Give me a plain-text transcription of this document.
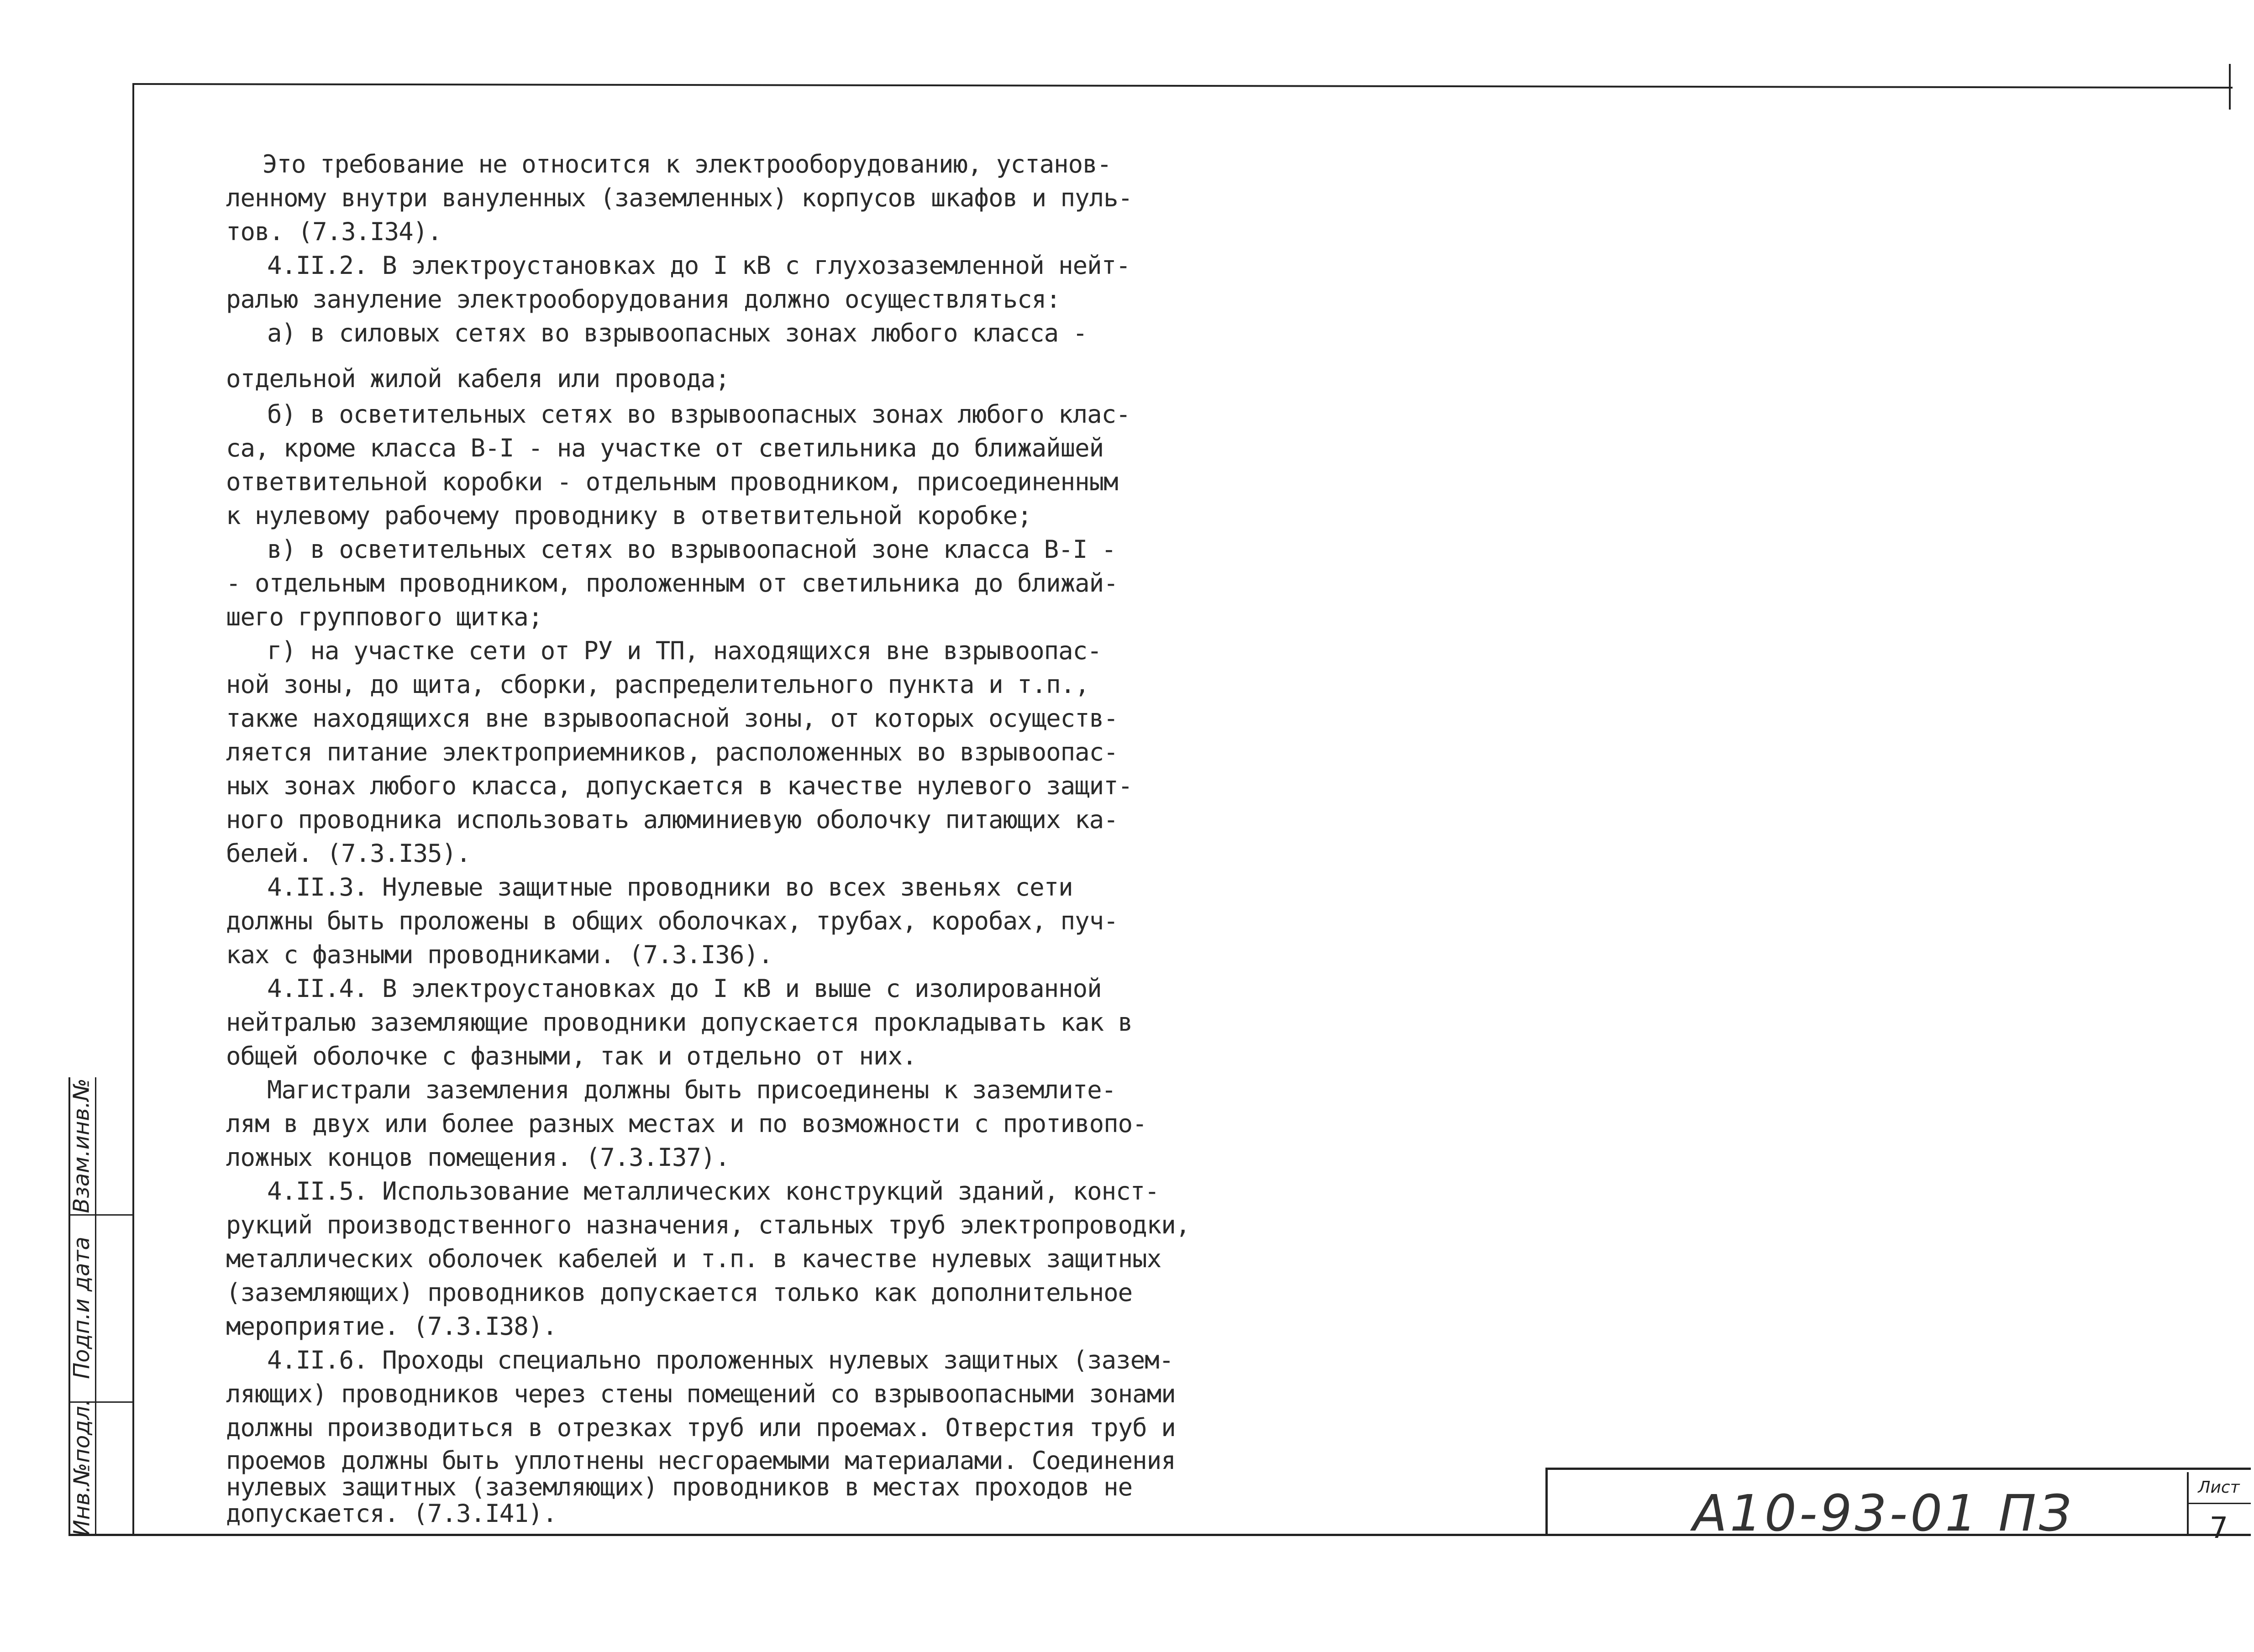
Это требование не относится к электрооборудованию, установ-
ленному внутри вануленных (заземленных) корпусов шкафов и пуль-
тов. (7.3.I34).
4.II.2. В электроустановках до I кВ с глухозаземленной нейт-
ралью зануление электрооборудования должно осуществляться:
а) в силовых сетях во взрывоопасных зонах любого класса -
отдельной жилой кабеля или провода;
б) в осветительных сетях во взрывоопасных зонах любого клас-
са, кроме класса В-I - на участке от светильника до ближайшей
ответвительной коробки - отдельным проводником, присоединенным
к нулевому рабочему проводнику в ответвительной коробке;
в) в осветительных сетях во взрывоопасной зоне класса В-I -
- отдельным проводником, проложенным от светильника до ближай-
шего группового щитка;
г) на участке сети от РУ и ТП, находящихся вне взрывоопас-
ной зоны, до щита, сборки, распределительного пункта и т.п.,
также находящихся вне взрывоопасной зоны, от которых осуществ-
ляется питание электроприемников, расположенных во взрывоопас-
ных зонах любого класса, допускается в качестве нулевого защит-
ного проводника использовать алюминиевую оболочку питающих ка-
белей. (7.3.I35).
4.II.3. Нулевые защитные проводники во всех звеньях сети
должны быть проложены в общих оболочках, трубах, коробах, пуч-
ках с фазными проводниками. (7.3.I36).
4.II.4. В электроустановках до I кВ и выше с изолированной
нейтралью заземляющие проводники допускается прокладывать как в
общей оболочке с фазными, так и отдельно от них.
Магистрали заземления должны быть присоединены к заземлите-
лям в двух или более разных местах и по возможности с противопо-
ложных концов помещения. (7.3.I37).
4.II.5. Использование металлических конструкций зданий, конст-
рукций производственного назначения, стальных труб электропроводки,
металлических оболочек кабелей и т.п. в качестве нулевых защитных
(заземляющих) проводников допускается только как дополнительное
мероприятие. (7.3.I38).
4.II.6. Проходы специально проложенных нулевых защитных (зазем-
ляющих) проводников через стены помещений со взрывоопасными зонами
должны производиться в отрезках труб или проемах. Отверстия труб и
проемов должны быть уплотнены несгораемыми материалами. Соединения
нулевых защитных (заземляющих) проводников в местах проходов не
допускается. (7.3.I41).
Взам.инв.№
Подп.и дата
Инв.№подл.	А10-93-01 ПЗ	Лист
7
